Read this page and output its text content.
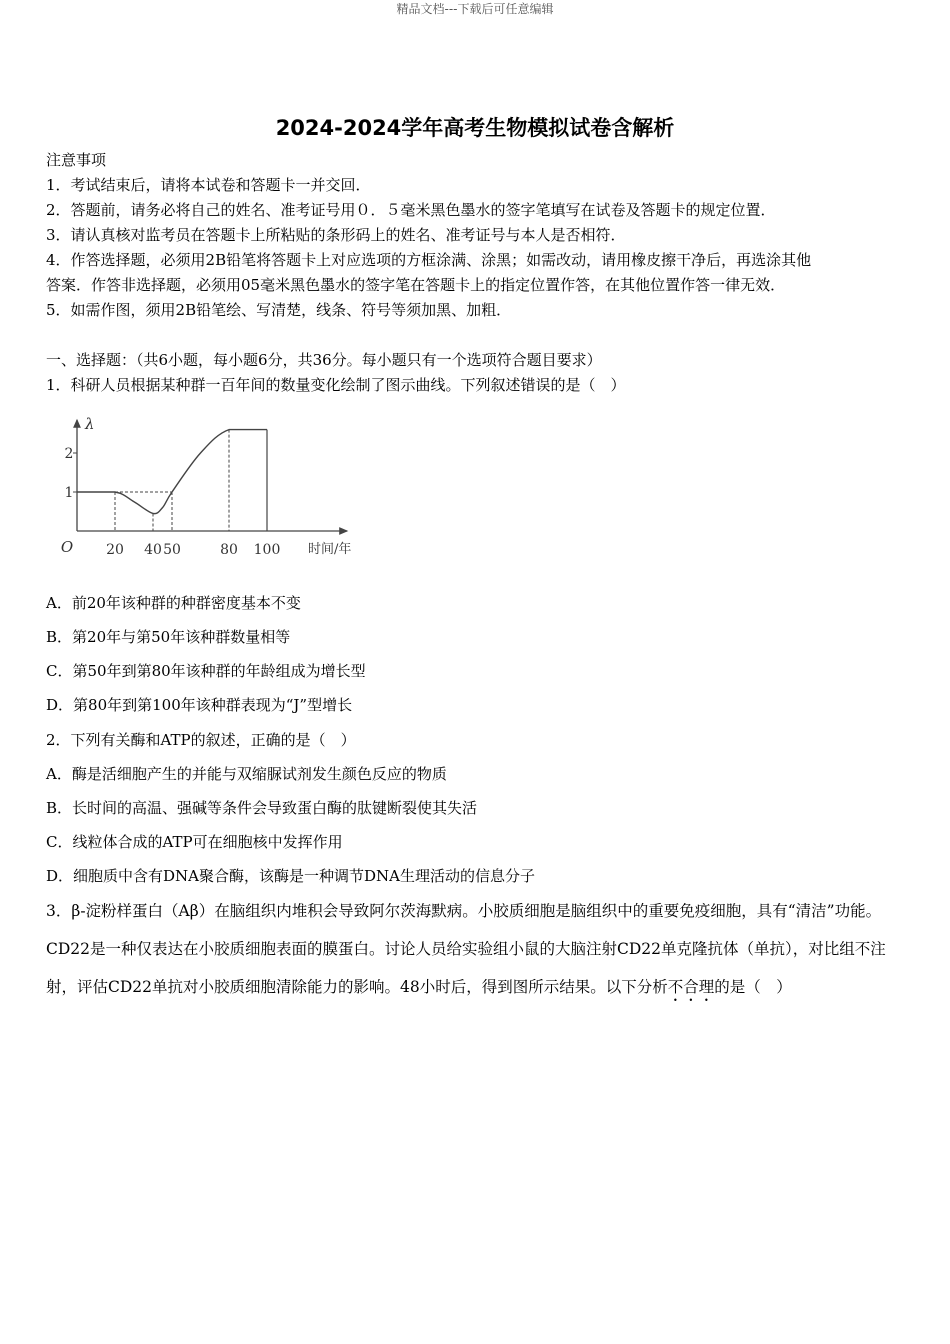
精品文档---下载后可任意编辑
2024-2024学年高考生物模拟试卷含解析
注意事项
1．考试结束后，请将本试卷和答题卡一并交回．
2．答题前，请务必将自己的姓名、准考证号用０．５毫米黑色墨水的签字笔填写在试卷及答题卡的规定位置．
3．请认真核对监考员在答题卡上所粘贴的条形码上的姓名、准考证号与本人是否相符．
4．作答选择题，必须用2B铅笔将答题卡上对应选项的方框涂满、涂黑；如需改动，请用橡皮擦干净后，再选涂其他
答案．作答非选择题，必须用05毫米黑色墨水的签字笔在答题卡上的指定位置作答，在其他位置作答一律无效．
5．如需作图，须用2B铅笔绘、写清楚，线条、符号等须加黑、加粗．
一、选择题：（共6小题，每小题6分，共36分。每小题只有一个选项符合题目要求）
1．科研人员根据某种群一百年间的数量变化绘制了图示曲线。下列叙述错误的是（　）
20 40 50	80 100
1
2
O
λ
时间/年
A．前20年该种群的种群密度基本不变
B．第20年与第50年该种群数量相等
C．第50年到第80年该种群的年龄组成为增长型
D．第80年到第100年该种群表现为“J”型增长
2．下列有关酶和ATP的叙述，正确的是（　）
A．酶是活细胞产生的并能与双缩脲试剂发生颜色反应的物质
B．长时间的高温、强碱等条件会导致蛋白酶的肽键断裂使其失活
C．线粒体合成的ATP可在细胞核中发挥作用
D．细胞质中含有DNA聚合酶，该酶是一种调节DNA生理活动的信息分子
3．β-淀粉样蛋白（Aβ）在脑组织内堆积会导致阿尔茨海默病。小胶质细胞是脑组织中的重要免疫细胞，具有“清洁”功能。CD22是一种仅表达在小胶质细胞表面的膜蛋白。讨论人员给实验组小鼠的大脑注射CD22单克隆抗体（单抗），对比组不注射，评估CD22单抗对小胶质细胞清除能力的影响。48小时后，得到图所示结果。以下分析不合理的是（　）
